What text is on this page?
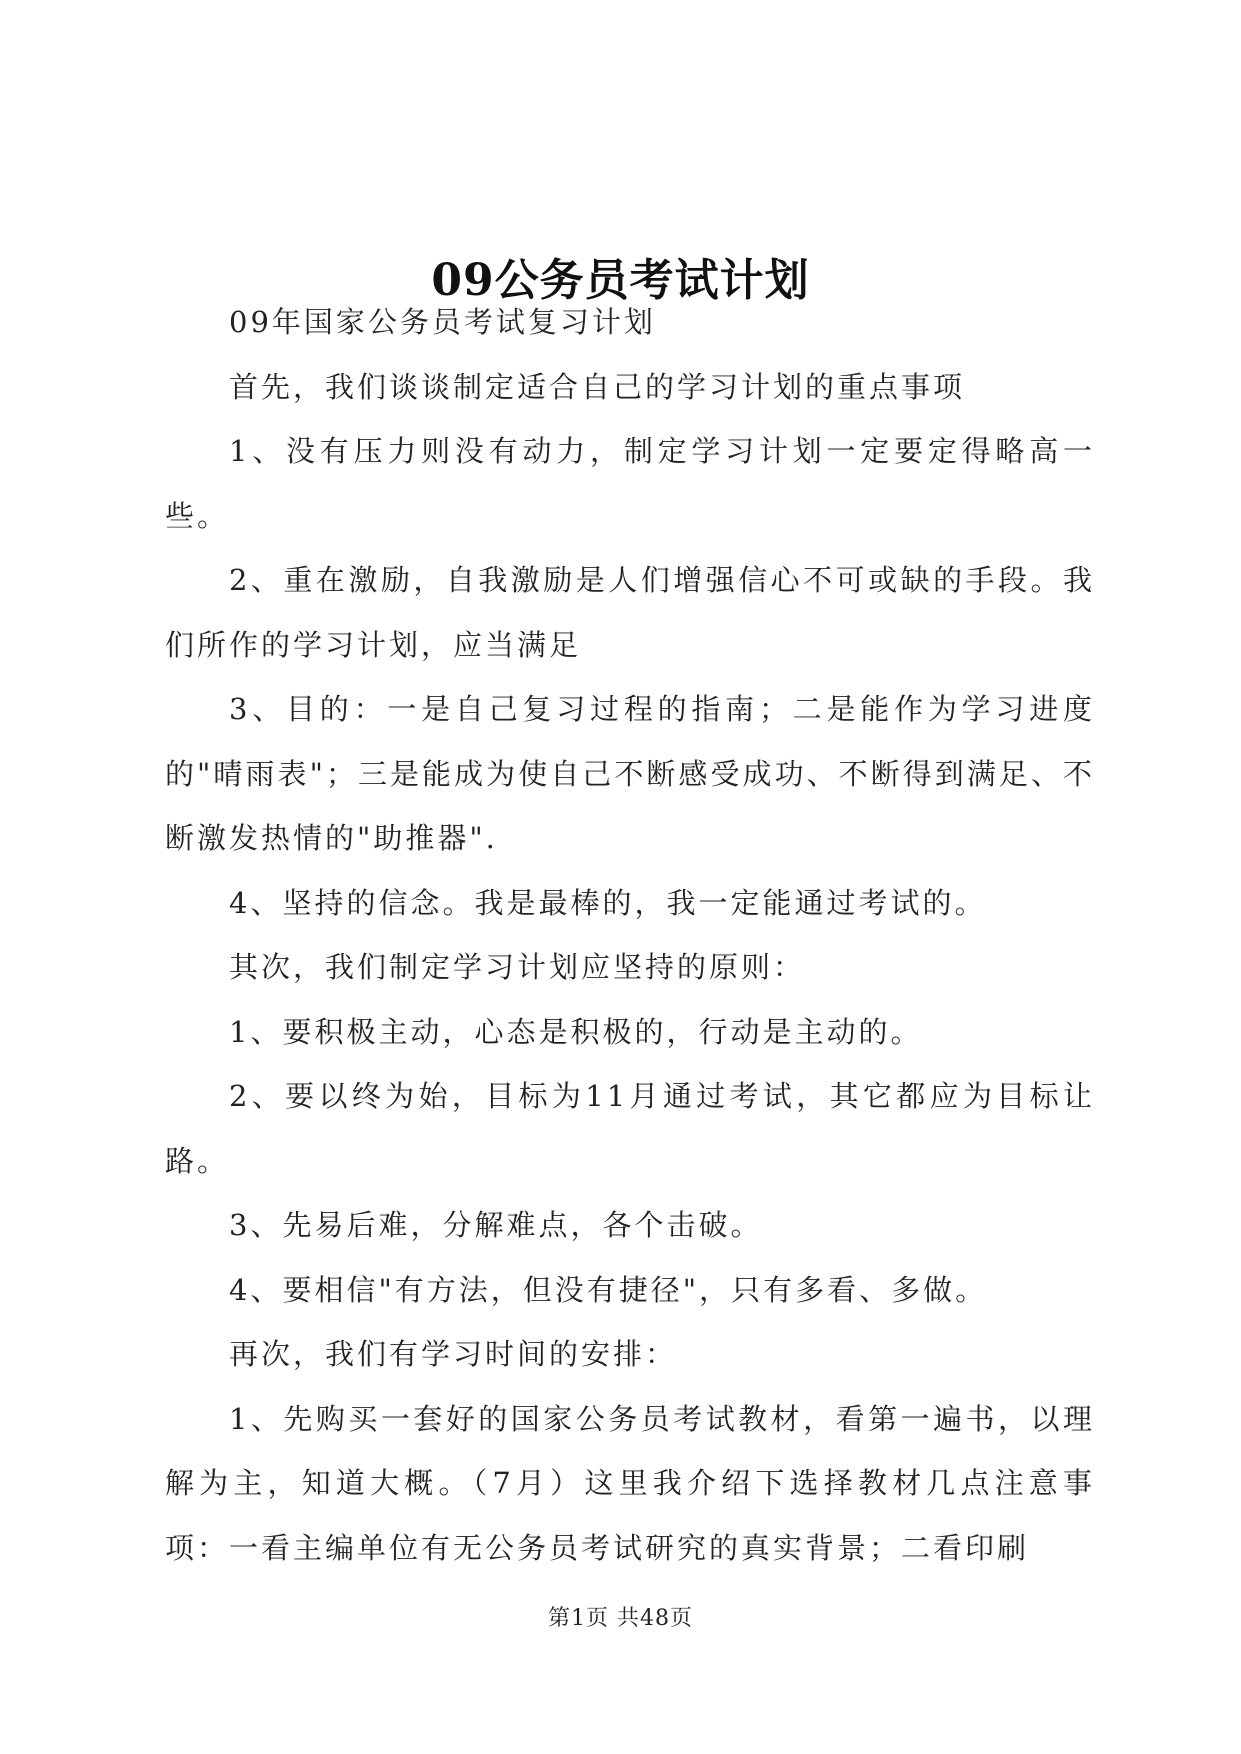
09公务员考试计划

09年国家公务员考试复习计划

首先，我们谈谈制定适合自己的学习计划的重点事项

1、没有压力则没有动力，制定学习计划一定要定得略高一些。

2、重在激励，自我激励是人们增强信心不可或缺的手段。我们所作的学习计划，应当满足

3、目的：一是自己复习过程的指南；二是能作为学习进度的"晴雨表"；三是能成为使自己不断感受成功、不断得到满足、不断激发热情的"助推器".

4、坚持的信念。我是最棒的，我一定能通过考试的。

其次，我们制定学习计划应坚持的原则：

1、要积极主动，心态是积极的，行动是主动的。

2、要以终为始，目标为11月通过考试，其它都应为目标让路。

3、先易后难，分解难点，各个击破。

4、要相信"有方法，但没有捷径"，只有多看、多做。

再次，我们有学习时间的安排：

1、先购买一套好的国家公务员考试教材，看第一遍书，以理解为主，知道大概。（7月）这里我介绍下选择教材几点注意事项：一看主编单位有无公务员考试研究的真实背景；二看印刷

第1页 共48页
